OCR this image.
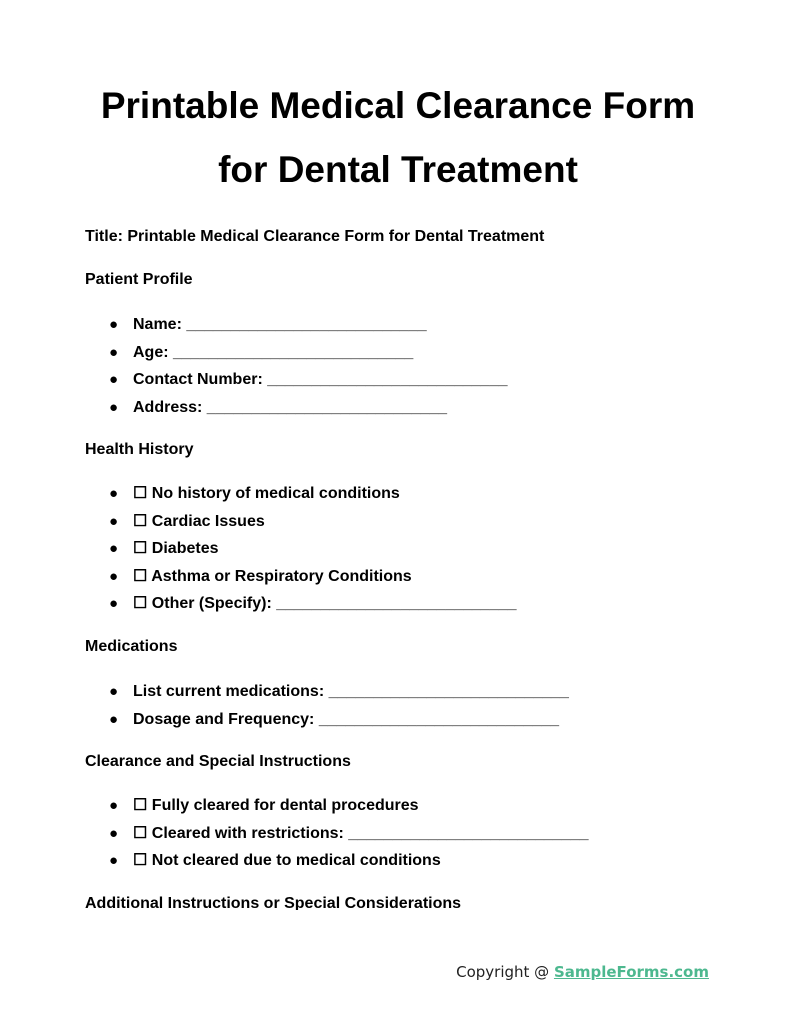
Printable Medical Clearance Form
for Dental Treatment

Title: Printable Medical Clearance Form for Dental Treatment

Patient Profile

● Name: ___________________________
● Age: ___________________________
● Contact Number: ___________________________
● Address: ___________________________

Health History

● ☐ No history of medical conditions
● ☐ Cardiac Issues
● ☐ Diabetes
● ☐ Asthma or Respiratory Conditions
● ☐ Other (Specify): ___________________________

Medications

● List current medications: ___________________________
● Dosage and Frequency: ___________________________

Clearance and Special Instructions

● ☐ Fully cleared for dental procedures
● ☐ Cleared with restrictions: ___________________________
● ☐ Not cleared due to medical conditions

Additional Instructions or Special Considerations

Copyright @ SampleForms.com
